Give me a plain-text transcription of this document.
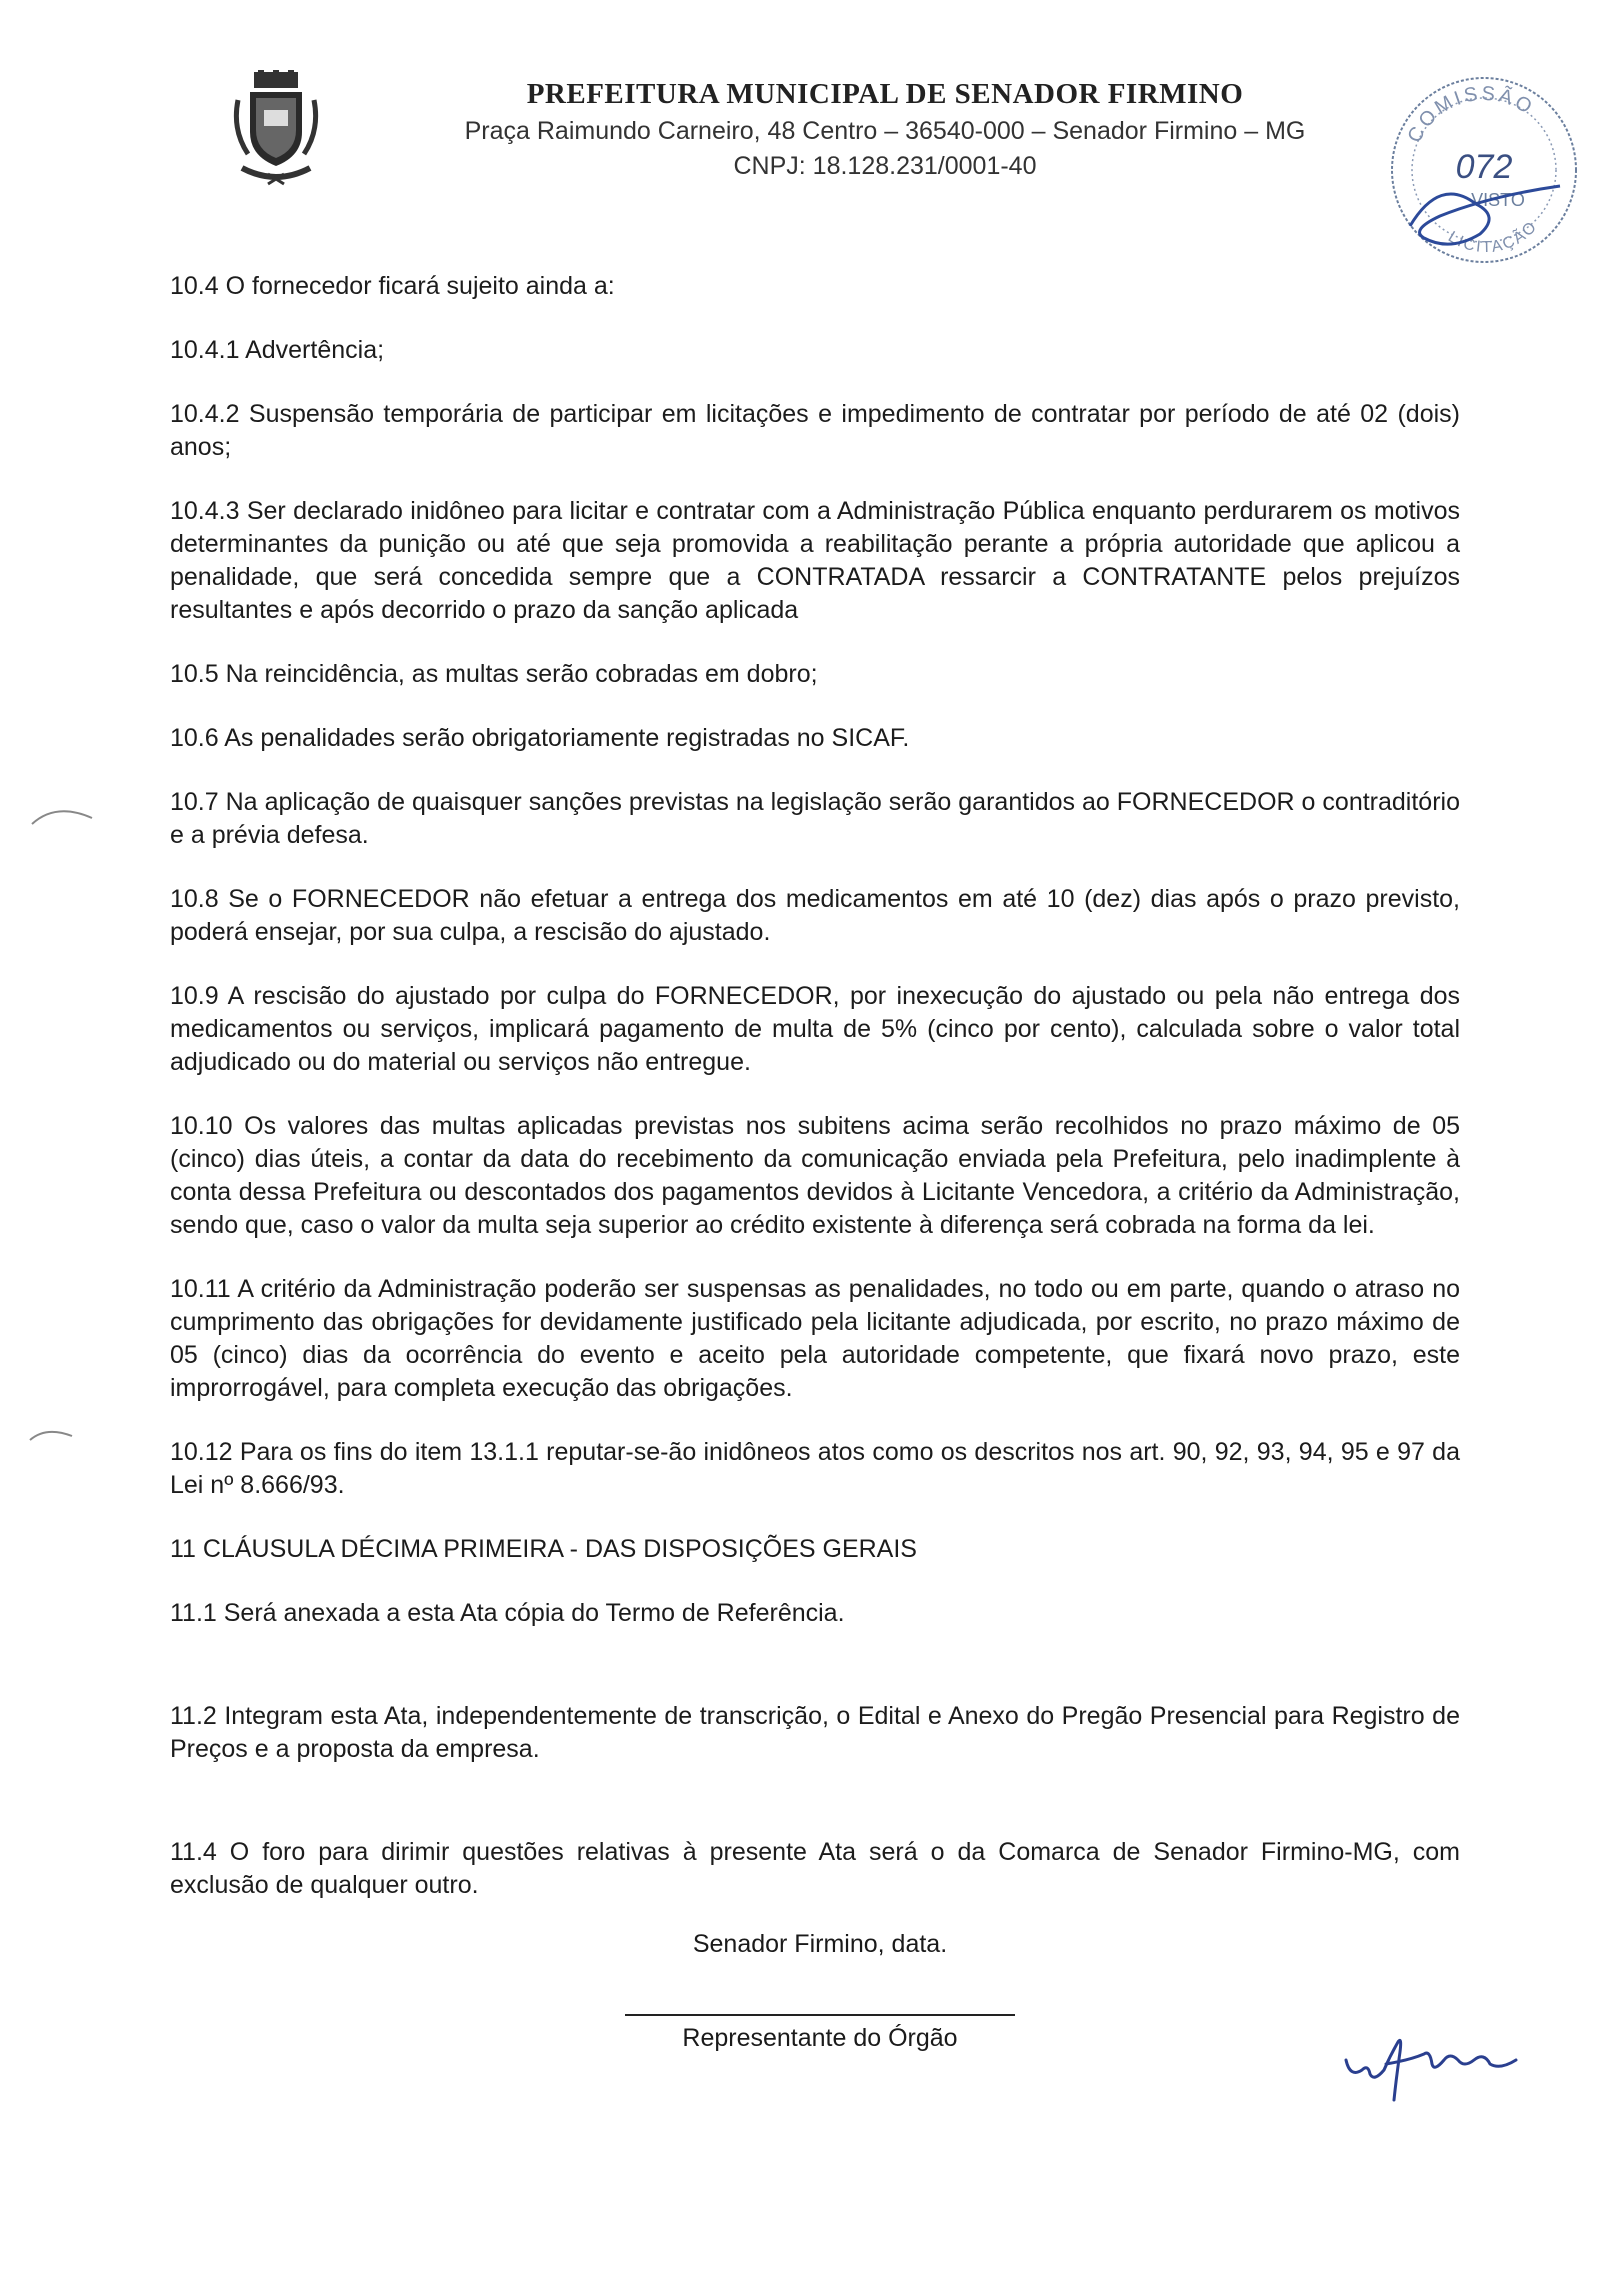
PREFEITURA MUNICIPAL DE SENADOR FIRMINO
Praça Raimundo Carneiro, 48 Centro – 36540-000 – Senador Firmino – MG
CNPJ: 18.128.231/0001-40
COMISSÃO
072
VISTO
LICITAÇÃO

10.4 O fornecedor ficará sujeito ainda a:

10.4.1 Advertência;

10.4.2 Suspensão temporária de participar em licitações e impedimento de contratar por período de até 02 (dois) anos;

10.4.3 Ser declarado inidôneo para licitar e contratar com a Administração Pública enquanto perdurarem os motivos determinantes da punição ou até que seja promovida a reabilitação perante a própria autoridade que aplicou a penalidade, que será concedida sempre que a CONTRATADA ressarcir a CONTRATANTE pelos prejuízos resultantes e após decorrido o prazo da sanção aplicada

10.5 Na reincidência, as multas serão cobradas em dobro;

10.6 As penalidades serão obrigatoriamente registradas no SICAF.

10.7 Na aplicação de quaisquer sanções previstas na legislação serão garantidos ao FORNECEDOR o contraditório e a prévia defesa.

10.8 Se o FORNECEDOR não efetuar a entrega dos medicamentos em até 10 (dez) dias após o prazo previsto, poderá ensejar, por sua culpa, a rescisão do ajustado.

10.9 A rescisão do ajustado por culpa do FORNECEDOR, por inexecução do ajustado ou pela não entrega dos medicamentos ou serviços, implicará pagamento de multa de 5% (cinco por cento), calculada sobre o valor total adjudicado ou do material ou serviços não entregue.

10.10 Os valores das multas aplicadas previstas nos subitens acima serão recolhidos no prazo máximo de 05 (cinco) dias úteis, a contar da data do recebimento da comunicação enviada pela Prefeitura, pelo inadimplente à conta dessa Prefeitura ou descontados dos pagamentos devidos à Licitante Vencedora, a critério da Administração, sendo que, caso o valor da multa seja superior ao crédito existente à diferença será cobrada na forma da lei.

10.11 A critério da Administração poderão ser suspensas as penalidades, no todo ou em parte, quando o atraso no cumprimento das obrigações for devidamente justificado pela licitante adjudicada, por escrito, no prazo máximo de 05 (cinco) dias da ocorrência do evento e aceito pela autoridade competente, que fixará novo prazo, este improrrogável, para completa execução das obrigações.

10.12 Para os fins do item 13.1.1 reputar-se-ão inidôneos atos como os descritos nos art. 90, 92, 93, 94, 95 e 97 da Lei nº 8.666/93.

11 CLÁUSULA DÉCIMA PRIMEIRA - DAS DISPOSIÇÕES GERAIS

11.1 Será anexada a esta Ata cópia do Termo de Referência.

11.2 Integram esta Ata, independentemente de transcrição, o Edital e Anexo do Pregão Presencial para Registro de Preços e a proposta da empresa.

11.4 O foro para dirimir questões relativas à presente Ata será o da Comarca de Senador Firmino-MG, com exclusão de qualquer outro.

Senador Firmino, data.
Representante do Órgão
